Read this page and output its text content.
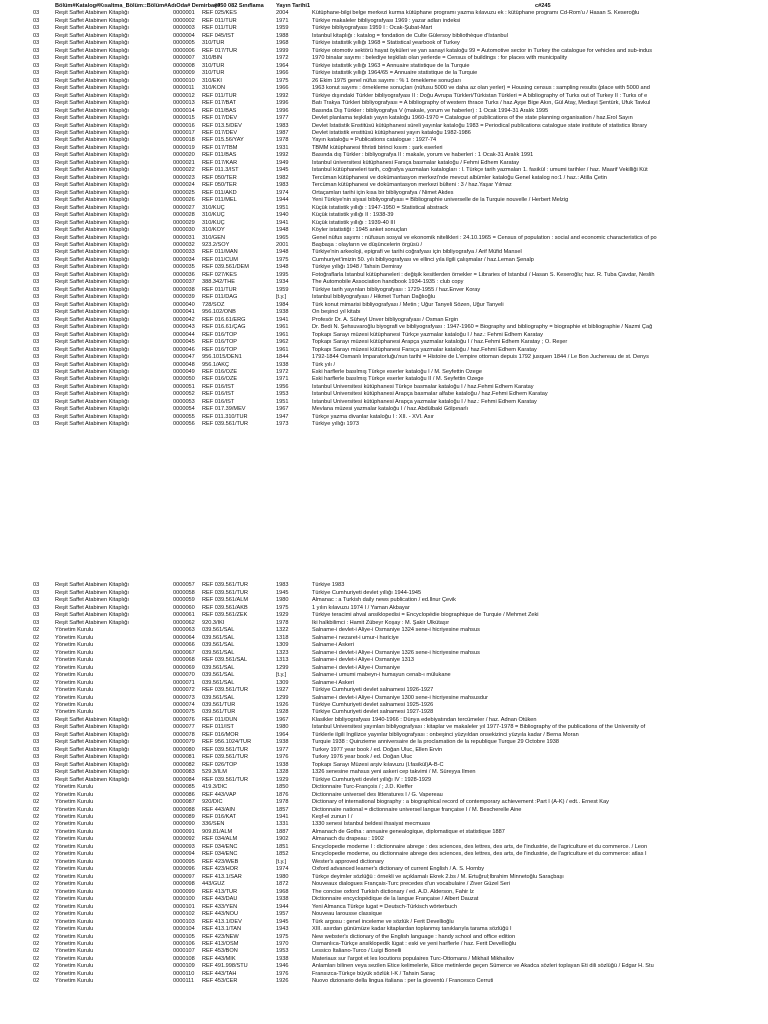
Bölüm#Katalog#Kısaltma_Bölüm::Bölüm#AdıOda# Demirbaş#
#050 082 Sınıflama Yayın Tarihi1	c#245
03	Reşit Saffet Atabinen Kitaplığı	0000001	REF 025/KES	2004	Kütüphane-bilgi belge merkezi kurma kütüphane programı yazma kılavuzu ek : kütüphane programı Cd-Rom'u / Hasan S. Keseroğlu
03	Reşit Saffet Atabinen Kitaplığı	0000002	REF 011/TÜR	1971	Türkiye makaleler bibliyografyası 1969 : yazar adları indeksi
03	Reşit Saffet Atabinen Kitaplığı	0000003	REF 011/TÜR	1959	Türkiye bibliyografyası 1959 I : Ocak-Şubat-Mart
03	Reşit Saffet Atabinen Kitaplığı	0000004	REF 045/İST	1988	İstanbul kitaplığı : katalog = fondation de Culte Gülersoy bibliothèque d'İstanbul
03	Reşit Saffet Atabinen Kitaplığı	0000005	310/TÜR	1968	Türkiye istatistik yıllığı 1968 = Statistical yearbook of Turkey
03	Reşit Saffet Atabinen Kitaplığı	0000006	REF 017/TÜR	1999	Türkiye otomotiv sektörü hayat öyküleri ve yan sanayi kataloğu 99 = Automotive sector in Turkey the catalogue for vehicles and sub-indus
03	Reşit Saffet Atabinen Kitaplığı	0000007	310/BİN	1972	1970 binalar sayımı : belediye teşkilatı olan yerlerde = Census of buildings : for places with municipality
03	Reşit Saffet Atabinen Kitaplığı	0000008	310/TÜR	1964	Türkiye istatistik yıllığı 1963 = Annuaire statistique de la Turquie
03	Reşit Saffet Atabinen Kitaplığı	0000009	310/TÜR	1966	Türkiye istatistik yıllığı 1964/65 = Annuaire statistique de la Turquie
03	Reşit Saffet Atabinen Kitaplığı	0000010	310/EKİ	1975	26 Ekim 1975 genel nüfus sayımı : % 1 örnekleme sonuçları
03	Reşit Saffet Atabinen Kitaplığı	0000011	310/KON	1966	1963 konut sayımı : örnekleme sonuçları (nüfusu 5000 ve daha az olan yerler) = Housing census : sampling results (place with 5000 and
03	Reşit Saffet Atabinen Kitaplığı	0000012	REF 011/TÜR	1992	Türkiye dışındaki Türkler bibliyografyası II : Doğu Avrupa Türkleri/Türkistan Türkleri = A bibliography of Turks out of Turkey II : Turks of e
03	Reşit Saffet Atabinen Kitaplığı	0000013	REF 017/BAT	1996	Batı Trakya Türkleri bibliyografyası = A bibliography of western thrace Turks / haz.Ayşe Bige Akın, Gül Atay, Mediayi Şentürk, Ufuk Tavkul
03	Reşit Saffet Atabinen Kitaplığı	0000014	REF 011/BAS	1996	Basında Dış Türkler : bibliyografya V (makale, yorum ve haberler) : 1 Ocak 1994-31 Aralık 1995
03	Reşit Saffet Atabinen Kitaplığı	0000015	REF 017/DEV	1977	Devlet planlama teşkilatı yayın kataloğu 1960-1970 = Catalogue of publications of the state planning organisation / haz.Erol Sayın
03	Reşit Saffet Atabinen Kitaplığı	0000016	REF 013.5/DEV	1983	Devlet İstatistik Enstitüsü kütüphanesi süreli yayınlar kataloğu 1983 = Periodical publications catalogue state institute of statistics library
03	Reşit Saffet Atabinen Kitaplığı	0000017	REF 017/DEV	1987	Devlet istatistik enstitüsü kütüphanesi yayın kataloğu 1982-1986
03	Reşit Saffet Atabinen Kitaplığı	0000018	REF 015.56/YAY	1978	Yayın kataloğu = Publications catalogue : 1927-74
03	Reşit Saffet Atabinen Kitaplığı	0000019	REF 017/TBM	1931	TBMM kütüphanesi fihristi birinci kısım : şark eserleri
03	Reşit Saffet Atabinen Kitaplığı	0000020	REF 011/BAS	1992	Basında dış Türkler : bibliyografya II : makale, yorum ve haberleri : 1 Ocak-31 Aralık 1991
03	Reşit Saffet Atabinen Kitaplığı	0000021	REF 017/KAR	1949	İstanbul üniversitesi kütüphanesi Farsça basmalar kataloğu / Fehmi Edhem Karatay
03	Reşit Saffet Atabinen Kitaplığı	0000022	REF 011.3/İST	1945	İstanbul kütüphaneleri tarih, coğrafya yazmaları katalogları : I. Türkçe tarih yazmaları 1. fasikül : umumi tarihler / haz. Maarif Vekilliği Küt
03	Reşit Saffet Atabinen Kitaplığı	0000023	REF 050/TER	1982	Tercüman kütüphanesi ve dokümantasyon merkezi'nde mevcut albümler kataloğu Genel katalog no:1 / haz.: Atilla Çetin
03	Reşit Saffet Atabinen Kitaplığı	0000024	REF 050/TER	1983	Tercüman kütüphanesi ve dokümantasyon merkezi bülteni : 3 / haz.Yaşar Yılmaz
03	Reşit Saffet Atabinen Kitaplığı	0000025	REF 011/AKD	1974	Ortaçamları tarihi için kısa bir bibliyografya / Nimet Akdes
03	Reşit Saffet Atabinen Kitaplığı	0000026	REF 011/MEL	1944	Yeni Türkiye'nin siyasi bibliyografyası = Bibliographie universelle de la Turquie nouvelle / Herbert Melzig
03	Reşit Saffet Atabinen Kitaplığı	0000027	310/KÜÇ	1951	Küçük istatistik yıllığı : 1947-1950 = Statistical abstrack
03	Reşit Saffet Atabinen Kitaplığı	0000028	310/KÜÇ	1940	Küçük istatistik yıllığı II : 1938-39
03	Reşit Saffet Atabinen Kitaplığı	0000029	310/KÜÇ	1941	Küçük istatistik yıllığı : 1939-40 III
03	Reşit Saffet Atabinen Kitaplığı	0000030	310/KÖY	1948	Köyler istatistiği : 1945 anket sonuçları
03	Reşit Saffet Atabinen Kitaplığı	0000031	310/GEN	1965	Genel nüfus sayımı : nüfusun sosyal ve ekonomik nitelikleri : 24.10.1965 = Census of population : social and economic characteristics of po
03	Reşit Saffet Atabinen Kitaplığı	0000032	923.2/SOY	2001	Başbaşa : olayların ve düşüncelerin örgüsü /
03	Reşit Saffet Atabinen Kitaplığı	0000033	REF 011/MAN	1948	Türkiye'nin arkeoloji, epigrafi ve tarihi coğrafyası için bibliyografya / Arif Müfid Mansel
03	Reşit Saffet Atabinen Kitaplığı	0000034	REF 011/CUM	1975	Cumhuriyet'imizin 50. yılı bibliyografyası ve ellinci yıla ilgili çalışmalar / haz.Leman Şenalp
03	Reşit Saffet Atabinen Kitaplığı	0000035	REF 039.561/DEM	1948	Türkiye yıllığı 1948 / Tahsin Demiray
03	Reşit Saffet Atabinen Kitaplığı	0000036	REF 027/KES	1995	Fotoğraflarla İstanbul kütüphaneleri : değişik kesitlerden örnekler = Libraries of İstanbul / Hasan S. Keseroğlu; haz. R. Tuba Çavdar, Neslih
03	Reşit Saffet Atabinen Kitaplığı	0000037	388.342/THE	1934	The Automobile Association handbook 1934-1935 : club copy
03	Reşit Saffet Atabinen Kitaplığı	0000038	REF 011/TÜR	1959	Türkiye tarih yayınları bibliyografyası : 1729-1955 / haz.Enver Koray
03	Reşit Saffet Atabinen Kitaplığı	0000039	REF 011/DAĞ	[t.y.]	İstanbul bibliyografyası / Hikmet Turhan Dağlıoğlu
03	Reşit Saffet Atabinen Kitaplığı	0000040	728/SÖZ	1984	Türk konut mimarisi bibliyografyası / Metin ; Uğur Tanyeli Sözen, Uğur Tanyeli
03	Reşit Saffet Atabinen Kitaplığı	0000041	956.102/ONB	1938	On beşinci yıl kitabı
03	Reşit Saffet Atabinen Kitaplığı	0000042	REF 016.61/ERG	1941	Profesör Dr. A. Süheyl Ünver bibliyografyası / Osman Ergin
03	Reşit Saffet Atabinen Kitaplığı	0000043	REF 016.61/ÇAĞ	1961	Dr. Bedi N. Şehsuvaroğlu biyografi ve bibliyografyası : 1947-1960 = Biography and bibliography = biographie et bibliographie / Nazmi Çağ
03	Reşit Saffet Atabinen Kitaplığı	0000044	REF 016/TOP	1961	Topkapı Sarayı müzesi kütüphanesi Türkçe yazmalar kataloğu I / haz.: Fehmi Edhem Karatay
03	Reşit Saffet Atabinen Kitaplığı	0000045	REF 016/TOP	1962	Topkapı Sarayı müzesi kütüphanesi Arapça yazmalar kataloğu I / haz.Fehmi Edhem Karatay ; O. Reşer
03	Reşit Saffet Atabinen Kitaplığı	0000046	REF 016/TOP	1961	Topkapı Sarayı müzesi kütüphanesi Farsça yazmalar kataloğu / haz.Fehmi Edhem Karatay
03	Reşit Saffet Atabinen Kitaplığı	0000047	956.1015/DEN1	1844	1792-1844 Osmanlı İmparatorluğu'nun tarihi = Histoire de L'empire ottoman depuis 1792 jusquen 1844 / Le Bon Juchereau de st. Denys
03	Reşit Saffet Atabinen Kitaplığı	0000048	956.1/AKÇ	1938	Türk yılı /
03	Reşit Saffet Atabinen Kitaplığı	0000049	REF 016/ÖZE	1972	Eski harflerle basılmış Türkçe eserler kataloğu I / M. Seyfettin Özege
03	Reşit Saffet Atabinen Kitaplığı	0000050	REF 016/ÖZE	1971	Eski harflerle basılmış Türkçe eserler kataloğu II / M. Seyfettin Özege
03	Reşit Saffet Atabinen Kitaplığı	0000051	REF 016/İST	1956	İstanbul Üniversitesi kütüphanesi Türkçe basmalar kataloğu I / haz.Fehmi Edhem Karatay
03	Reşit Saffet Atabinen Kitaplığı	0000052	REF 016/İST	1953	İstanbul Üniversitesi kütüphanesi Arapça basmalar alfabe kataloğu / haz.Fehmi Edhem Karatay
03	Reşit Saffet Atabinen Kitaplığı	0000053	REF 016/İST	1951	İstanbul Üniversitesi kütüphanesi Arapça yazmalar kataloğu I / haz.: Fehmi Edhem Karatay
03	Reşit Saffet Atabinen Kitaplığı	0000054	REF 017.39/MEV	1967	Mevlana müzesi yazmalar kataloğu I / haz.Abdülbaki Gölpınarlı
03	Reşit Saffet Atabinen Kitaplığı	0000055	REF 011.310/TÜR	1947	Türkçe yazma divanlar kataloğu I : XII. - XVI. Asır
03	Reşit Saffet Atabinen Kitaplığı	0000056	REF 039.561/TÜR	1973	Türkiye yıllığı 1973
03	Reşit Saffet Atabinen Kitaplığı	0000057	REF 039.561/TÜR	1983	Türkiye 1983
03	Reşit Saffet Atabinen Kitaplığı	0000058	REF 039.561/TÜR	1945	Türkiye Cumhuriyeti devlet yıllığı 1944-1945
03	Reşit Saffet Atabinen Kitaplığı	0000059	REF 039.561/ALM	1980	Almanac : a Turkish daily news publication / ed.İlnur Çevik
03	Reşit Saffet Atabinen Kitaplığı	0000060	REF 039.561/AKB	1975	1 yılın kılavuzu 1974 I / Yaman Akbayar
03	Reşit Saffet Atabinen Kitaplığı	0000061	REF 039.561/ZEK	1929	Türkiye teracimi ahval ansiklopedisi = Encyclopédie biographique de Turquie / Mehmet Zeki
03	Reşit Saffet Atabinen Kitaplığı	0000062	920.3/İKİ	1978	İki halkbilimci : Hamit Zübeyr Koşay : M. Şakir Ülkütaşır
02	Yönetim Kurulu	0000063	039.561/SAL	1322	Salname-i devlet-i Aliye-i Osmaniye 1324 sene-i hicriyesine mahsus
02	Yönetim Kurulu	0000064	039.561/SAL	1318	Salname-i nezaret-i umur-i hariciye
02	Yönetim Kurulu	0000066	039.561/SAL	1309	Salname-i Askeri
02	Yönetim Kurulu	0000067	039.561/SAL	1323	Salname-i devlet-i Aliye-i Osmaniye 1326 sene-i hicriyesine mahsus
02	Yönetim Kurulu	0000068	REF 039.561/SAL	1313	Salname-i devlet-i Aliye-i Osmaniye 1313
02	Yönetim Kurulu	0000069	039.561/SAL	1299	Salname-i devlet-i Aliye-i Osmaniye
02	Yönetim Kurulu	0000070	039.561/SAL	[t.y.]	Salname-i umumi mabeyn-i humayun cenab-ı mülukane
02	Yönetim Kurulu	0000071	039.561/SAL	1309	Salname-i Askeri
02	Yönetim Kurulu	0000072	REF 039.561/TÜR	1927	Türkiye Cumhuriyeti devlet salnamesi 1926-1927
02	Yönetim Kurulu	0000073	039.561/SAL	1299	Salname-i devlet-i Aliye-i Osmaniye 1300 sene-i hicriyesine mahsusdur
02	Yönetim Kurulu	0000074	039.561/TÜR	1926	Türkiye Cumhuriyeti devlet salnamesi 1925-1926
02	Yönetim Kurulu	0000075	039.561/TÜR	1928	Türkiye Cumhuriyeti devlet salnamesi 1927-1928
03	Reşit Saffet Atabinen Kitaplığı	0000076	REF 011/DÜN	1967	Klasikler bibliyografyası 1940-1966 : Dünya edebiyatından tercümeler / haz. Adnan Ötüken
03	Reşit Saffet Atabinen Kitaplığı	0000077	REF 011/İST	1980	İstanbul Üniversitesi yayınları bibliyografyası : kitaplar ve makaleler yıl 1977-1978 = Bibliography of the publications of the University of
03	Reşit Saffet Atabinen Kitaplığı	0000078	REF 016/MOR	1964	Türklerle ilgili İngilizce yayınlar bibliyografyası : onbeşinci yüzyıldan onsekizinci yüzyıla kadar / Berna Moran
03	Reşit Saffet Atabinen Kitaplığı	0000079	REF 956.1024/TUR	1938	Turquie 1938 : Quinzieme anniversaire de la proclamation de la republique Turque 29 Octobre 1938
03	Reşit Saffet Atabinen Kitaplığı	0000080	REF 039.561/TUR	1977	Turkey 1977 year book / ed. Doğan Uluc, Ellen Ervin
03	Reşit Saffet Atabinen Kitaplığı	0000081	REF 039.561/TUR	1976	Turkey 1976 year book / ed. Doğan Uluc
03	Reşit Saffet Atabinen Kitaplığı	0000082	REF 026/TOP	1938	Topkapı Sarayı Müzesi arşiv kılavuzu (I.fasikül)A-B-C
03	Reşit Saffet Atabinen Kitaplığı	0000083	529.3/İLM	1328	1326 senesine mahsus yeni askeri cep takvimi / M. Süreyya İlmen
03	Reşit Saffet Atabinen Kitaplığı	0000084	REF 039.561/TÜR	1929	Türkiye Cumhuriyeti devlet yıllığı IV : 1928-1929
02	Yönetim Kurulu	0000085	419.3/DIC	1850	Dictionnaire Turc-François / ; J.D. Kieffer
02	Yönetim Kurulu	0000086	REF 443/VAP	1876	Dictionnaire universel des litteratures I / G. Vapereau
02	Yönetim Kurulu	0000087	920/DIC	1978	Dictionary of international biography : a biographical record of contemporary achievement :Part I (A-K) / edt.. Ernest Kay
02	Yönetim Kurulu	0000088	REF 443/AIN	1857	Dictionnaire national = dictionnaire universel langue française I / M. Bescherelle Aine
02	Yönetim Kurulu	0000089	REF 016/KAT	1941	Keşf-el zunun I /
02	Yönetim Kurulu	0000090	336/SEN	1331	1330 senesi İstanbul beldesi ihsaiyat mecmuası
02	Yönetim Kurulu	0000091	909.81/ALM	1887	Almanach de Gotha : annuaire genealogique, diplomatique et statistique 1887
02	Yönetim Kurulu	0000092	REF 034/ALM	1902	Almanach du drapeau : 1902
02	Yönetim Kurulu	0000093	REF 034/ENC	1851	Encyclopedie moderne I : dictionnaire abrege : des sciences, des lettres, des arts, de l'industrie, de l'agriculture et du commerce. / Leon
02	Yönetim Kurulu	0000094	REF 034/ENC	1852	Encyclopedie moderne, ou dictionnaire abrege des sciences, des lettres, des arts, de l'industrie, de l'agriculture et du commerce: atlas I
02	Yönetim Kurulu	0000095	REF 423/WEB	[t.y.]	Wester's approved dictionary
02	Yönetim Kurulu	0000096	REF 423/HOR	1974	Oxford advanced learner's dictionary of current English / A. S. Hornby
02	Yönetim Kurulu	0000097	REF 413.1/SAR	1980	Türkçe deyimler sözlüğü : örnekli ve açıklamalı Ekrek 2.bs / M. Ertuğrul;İbrahim Minnetoğlu Saraçbaşı
02	Yönetim Kurulu	0000098	443/GÜZ	1872	Nouveaux dialogues Français-Turc precedes d'un vocabulaire / Ziver Güzel Seri
02	Yönetim Kurulu	0000099	REF 413/TUR	1968	The concise oxford Turkish dictionary / ed. A.D. Alderson, Fahir İz
02	Yönetim Kurulu	0000100	REF 443/DAU	1938	Dictionnaire encyclopédique de la langue Française / Albert Dauzat
02	Yönetim Kurulu	0000101	REF 433/YEN	1944	Yeni Almanca Türkçe lugat = Deutsch-Türkisch wörterbuch
02	Yönetim Kurulu	0000102	REF 443/NOU	1957	Nouveau larousse classique
02	Yönetim Kurulu	0000103	REF 413.1/DEV	1945	Türk argosu : genel inceleme ve sözlük / Ferit Devellioğlu
02	Yönetim Kurulu	0000104	REF 413.1/TAN	1943	XIII. asırdan günümüze kadar kitaplardan toplanmış tanıklarıyla tarama sözlüğü I
02	Yönetim Kurulu	0000105	REF 423/NEW	1975	New webster's dictionary of the English language : handy school and office edition
02	Yönetim Kurulu	0000106	REF 413/OSM	1970	Osmanlıca-Türkçe ansiklopedik lügat : eski ve yeni harflerle / haz. Ferit Devellioğlu
02	Yönetim Kurulu	0000107	REF 453/BON	1953	Lessico Italiano-Turco / Luigi Bonelli
02	Yönetim Kurulu	0000108	REF 443/MİK	1938	Materiaux sur l'argot et les locutions populaires Turc-Ottomans / Mikhail Mikhailov
02	Yönetim Kurulu	0000109	REF 491.998/STU	1946	Anlamları bilinen veya sezilen Etice kelimelerle, Etice metinlerde geçen Sümerce ve Akadca sözleri toplayan Eti dili sözlüğü / Edgar H. Stu
02	Yönetim Kurulu	0000110	REF 443/TAH	1976	Fransızca-Türkçe büyük sözlük I-K / Tahsin Saraç
02	Yönetim Kurulu	0000111	REF 453/CER	1926	Nuovo dizionario della lingua italiana : per la gioventù / Francesco Cerruti
